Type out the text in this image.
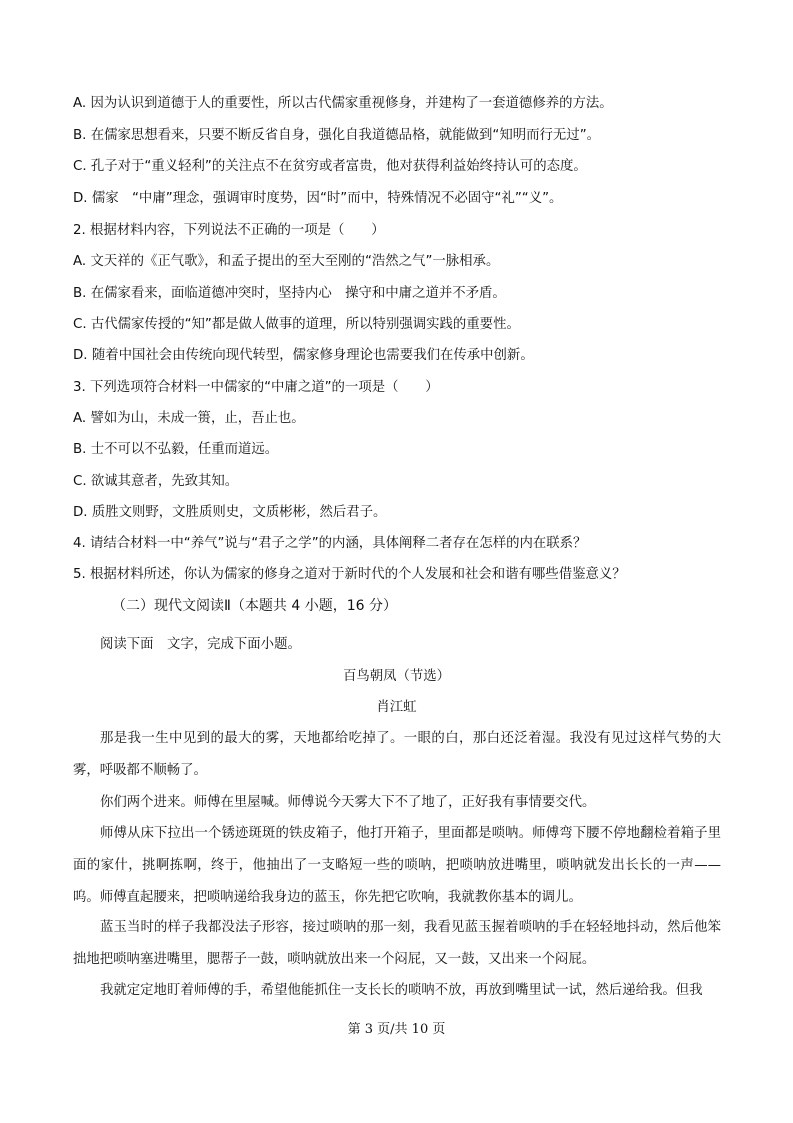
A. 因为认识到道德于人的重要性，所以古代儒家重视修身，并建构了一套道德修养的方法。
B. 在儒家思想看来，只要不断反省自身，强化自我道德品格，就能做到“知明而行无过”。
C. 孔子对于“重义轻利”的关注点不在贫穷或者富贵，他对获得利益始终持认可的态度。
D. 儒家　“中庸”理念，强调审时度势，因“时”而中，特殊情况不必固守“礼”“义”。
2. 根据材料内容，下列说法不正确的一项是（　　）
A. 文天祥的《正气歌》，和孟子提出的至大至刚的“浩然之气”一脉相承。
B. 在儒家看来，面临道德冲突时，坚持内心　操守和中庸之道并不矛盾。
C. 古代儒家传授的“知”都是做人做事的道理，所以特别强调实践的重要性。
D. 随着中国社会由传统向现代转型，儒家修身理论也需要我们在传承中创新。
3. 下列选项符合材料一中儒家的“中庸之道”的一项是（　　）
A. 譬如为山，未成一篑，止，吾止也。
B. 士不可以不弘毅，任重而道远。
C. 欲诚其意者，先致其知。
D. 质胜文则野，文胜质则史，文质彬彬，然后君子。
4. 请结合材料一中“养气”说与“君子之学”的内涵，具体阐释二者存在怎样的内在联系？
5. 根据材料所述，你认为儒家的修身之道对于新时代的个人发展和社会和谐有哪些借鉴意义？
（二）现代文阅读Ⅱ（本题共 4 小题，16 分）
阅读下面　文字，完成下面小题。
百鸟朝凤（节选）
肖江虹

那是我一生中见到的最大的雾，天地都给吃掉了。一眼的白，那白还泛着湿。我没有见过这样气势的大雾，呼吸都不顺畅了。

你们两个进来。师傅在里屋喊。师傅说今天雾大下不了地了，正好我有事情要交代。

师傅从床下拉出一个锈迹斑斑的铁皮箱子，他打开箱子，里面都是唢呐。师傅弯下腰不停地翻检着箱子里面的家什，挑啊拣啊，终于，他抽出了一支略短一些的唢呐，把唢呐放进嘴里，唢呐就发出长长的一声——呜。师傅直起腰来，把唢呐递给我身边的蓝玉，你先把它吹响，我就教你基本的调儿。

蓝玉当时的样子我都没法子形容，接过唢呐的那一刻，我看见蓝玉握着唢呐的手在轻轻地抖动，然后他笨拙地把唢呐塞进嘴里，腮帮子一鼓，唢呐就放出来一个闷屁，又一鼓，又出来一个闷屁。

我就定定地盯着师傅的手，希望他能抓住一支长长的唢呐不放，再放到嘴里试一试，然后递给我。但我

第 3 页/共 10 页
